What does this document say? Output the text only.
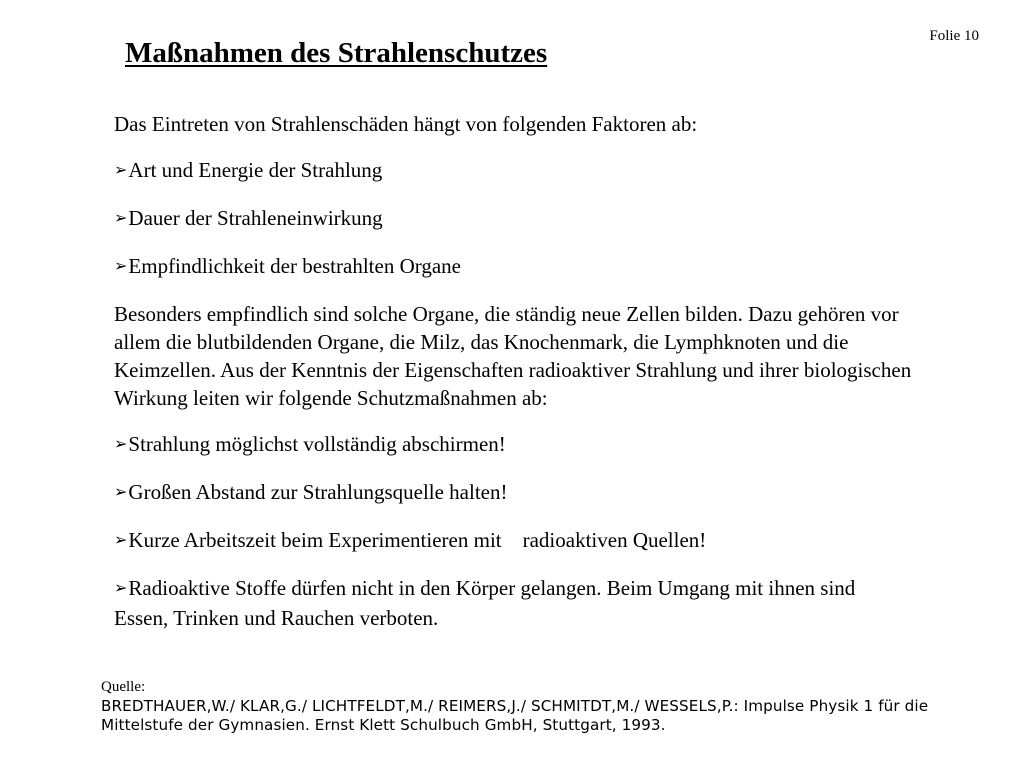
Folie 10
Maßnahmen des Strahlenschutzes

Das Eintreten von Strahlenschäden hängt von folgenden Faktoren ab:

➢Art und Energie der Strahlung

➢Dauer der Strahleneinwirkung

➢Empfindlichkeit der bestrahlten Organe

Besonders empfindlich sind solche Organe, die ständig neue Zellen bilden. Dazu gehören vor allem die blutbildenden Organe, die Milz, das Knochenmark, die Lymphknoten und die Keimzellen. Aus der Kenntnis der Eigenschaften radioaktiver Strahlung und ihrer biologischen Wirkung leiten wir folgende Schutzmaßnahmen ab:

➢Strahlung möglichst vollständig abschirmen!

➢Großen Abstand zur Strahlungsquelle halten!

➢Kurze Arbeitszeit beim Experimentieren mit    radioaktiven Quellen!

➢Radioaktive Stoffe dürfen nicht in den Körper gelangen. Beim Umgang mit ihnen sind Essen, Trinken und Rauchen verboten.

Quelle:
BREDTHAUER,W./ KLAR,G./ LICHTFELDT,M./ REIMERS,J./ SCHMITDT,M./ WESSELS,P.: Impulse Physik 1 für die Mittelstufe der Gymnasien. Ernst Klett Schulbuch GmbH, Stuttgart, 1993.
